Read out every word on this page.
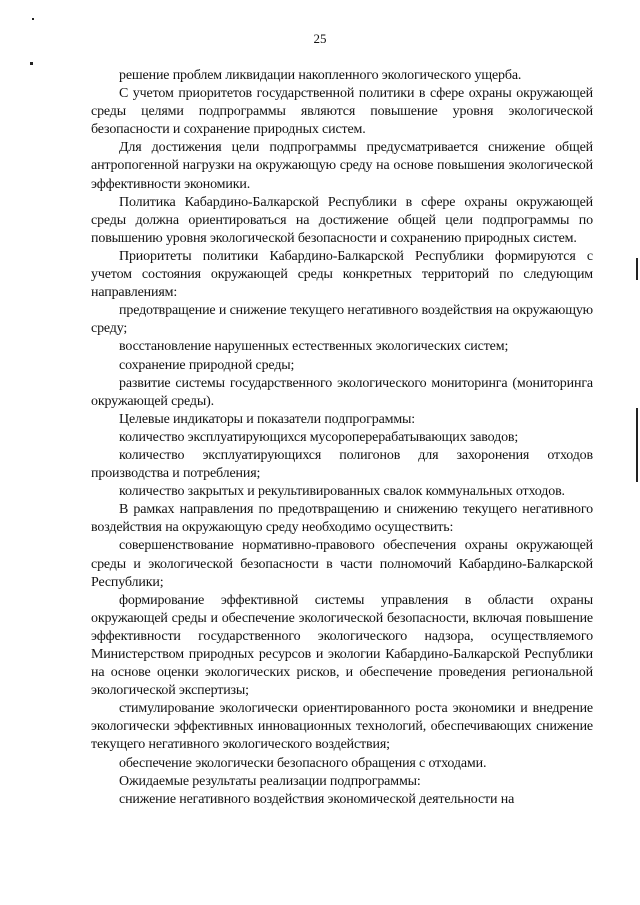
25

решение проблем ликвидации накопленного экологического ущерба.

С учетом приоритетов государственной политики в сфере охраны окружающей среды целями подпрограммы являются повышение уровня экологической безопасности и сохранение природных систем.

Для достижения цели подпрограммы предусматривается снижение общей антропогенной нагрузки на окружающую среду на основе повышения экологической эффективности экономики.

Политика Кабардино-Балкарской Республики в сфере охраны окружающей среды должна ориентироваться на достижение общей цели подпрограммы по повышению уровня экологической безопасности и сохранению природных систем.

Приоритеты политики Кабардино-Балкарской Республики формируются с учетом состояния окружающей среды конкретных территорий по следующим направлениям:

предотвращение и снижение текущего негативного воздействия на окружающую среду;

восстановление нарушенных естественных экологических систем;

сохранение природной среды;

развитие системы государственного экологического мониторинга (мониторинга окружающей среды).

Целевые индикаторы и показатели подпрограммы:

количество эксплуатирующихся мусороперерабатывающих заводов;

количество эксплуатирующихся полигонов для захоронения отходов производства и потребления;

количество закрытых и рекультивированных свалок коммунальных отходов.

В рамках направления по предотвращению и снижению текущего негативного воздействия на окружающую среду необходимо осуществить:

совершенствование нормативно-правового обеспечения охраны окружающей среды и экологической безопасности в части полномочий Кабардино-Балкарской Республики;

формирование эффективной системы управления в области охраны окружающей среды и обеспечение экологической безопасности, включая повышение эффективности государственного экологического надзора, осуществляемого Министерством природных ресурсов и экологии Кабардино-Балкарской Республики на основе оценки экологических рисков, и обеспечение проведения региональной экологической экспертизы;

стимулирование экологически ориентированного роста экономики и внедрение экологически эффективных инновационных технологий, обеспечивающих снижение текущего негативного экологического воздействия;

обеспечение экологически безопасного обращения с отходами.

Ожидаемые результаты реализации подпрограммы:

снижение негативного воздействия экономической деятельности на
